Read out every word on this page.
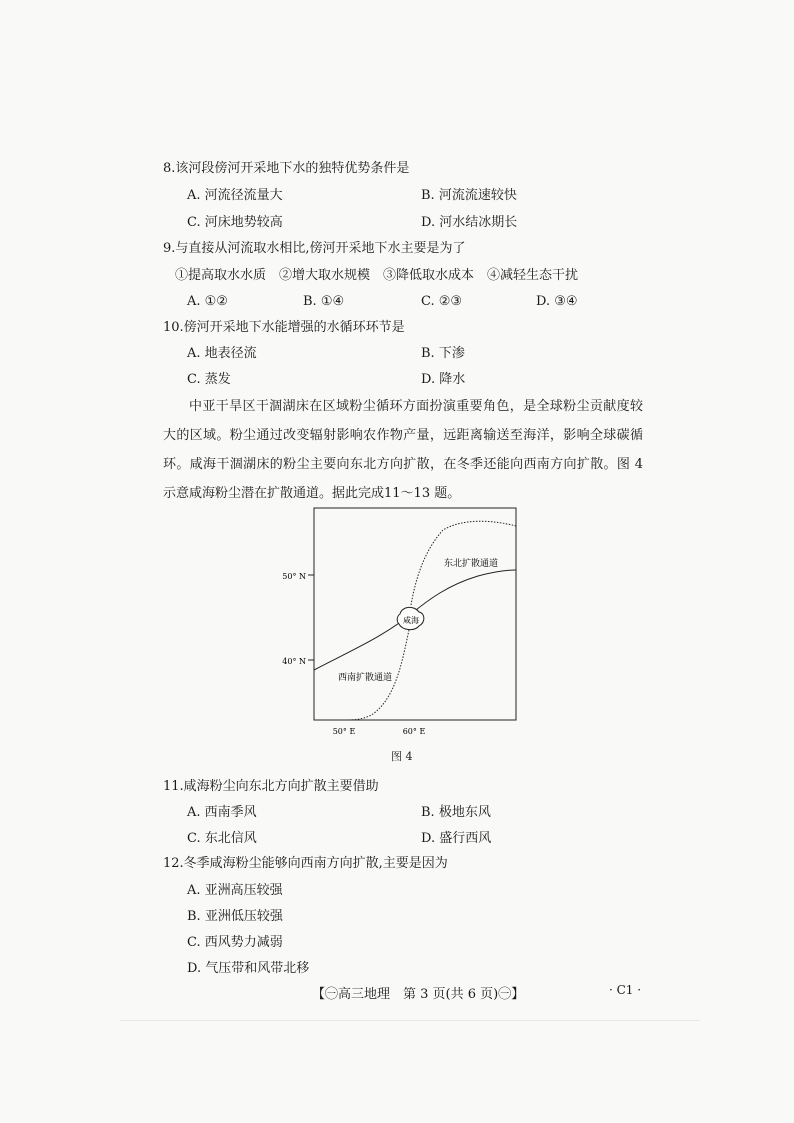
8.该河段傍河开采地下水的独特优势条件是
A. 河流径流量大	B. 河流流速较快
C. 河床地势较高	D. 河水结冰期长
9.与直接从河流取水相比,傍河开采地下水主要是为了
①提高取水水质　②增大取水规模　③降低取水成本　④减轻生态干扰
A. ①②	B. ①④	C. ②③	D. ③④
10.傍河开采地下水能增强的水循环环节是
A. 地表径流	B. 下渗
C. 蒸发	D. 降水
中亚干旱区干涸湖床在区域粉尘循环方面扮演重要角色，是全球粉尘贡献度较大的区域。粉尘通过改变辐射影响农作物产量，远距离输送至海洋，影响全球碳循环。咸海干涸湖床的粉尘主要向东北方向扩散，在冬季还能向西南方向扩散。图 4 示意咸海粉尘潜在扩散通道。据此完成11～13 题。
50° N
40° N
50° E	60° E
咸海
东北扩散通道
西南扩散通道
图 4
11.咸海粉尘向东北方向扩散主要借助
A. 西南季风	B. 极地东风
C. 东北信风	D. 盛行西风
12.冬季咸海粉尘能够向西南方向扩散,主要是因为
A. 亚洲高压较强
B. 亚洲低压较强
C. 西风势力减弱
D. 气压带和风带北移
【㊀高三地理　第 3 页(共 6 页)㊀】	· C1 ·
